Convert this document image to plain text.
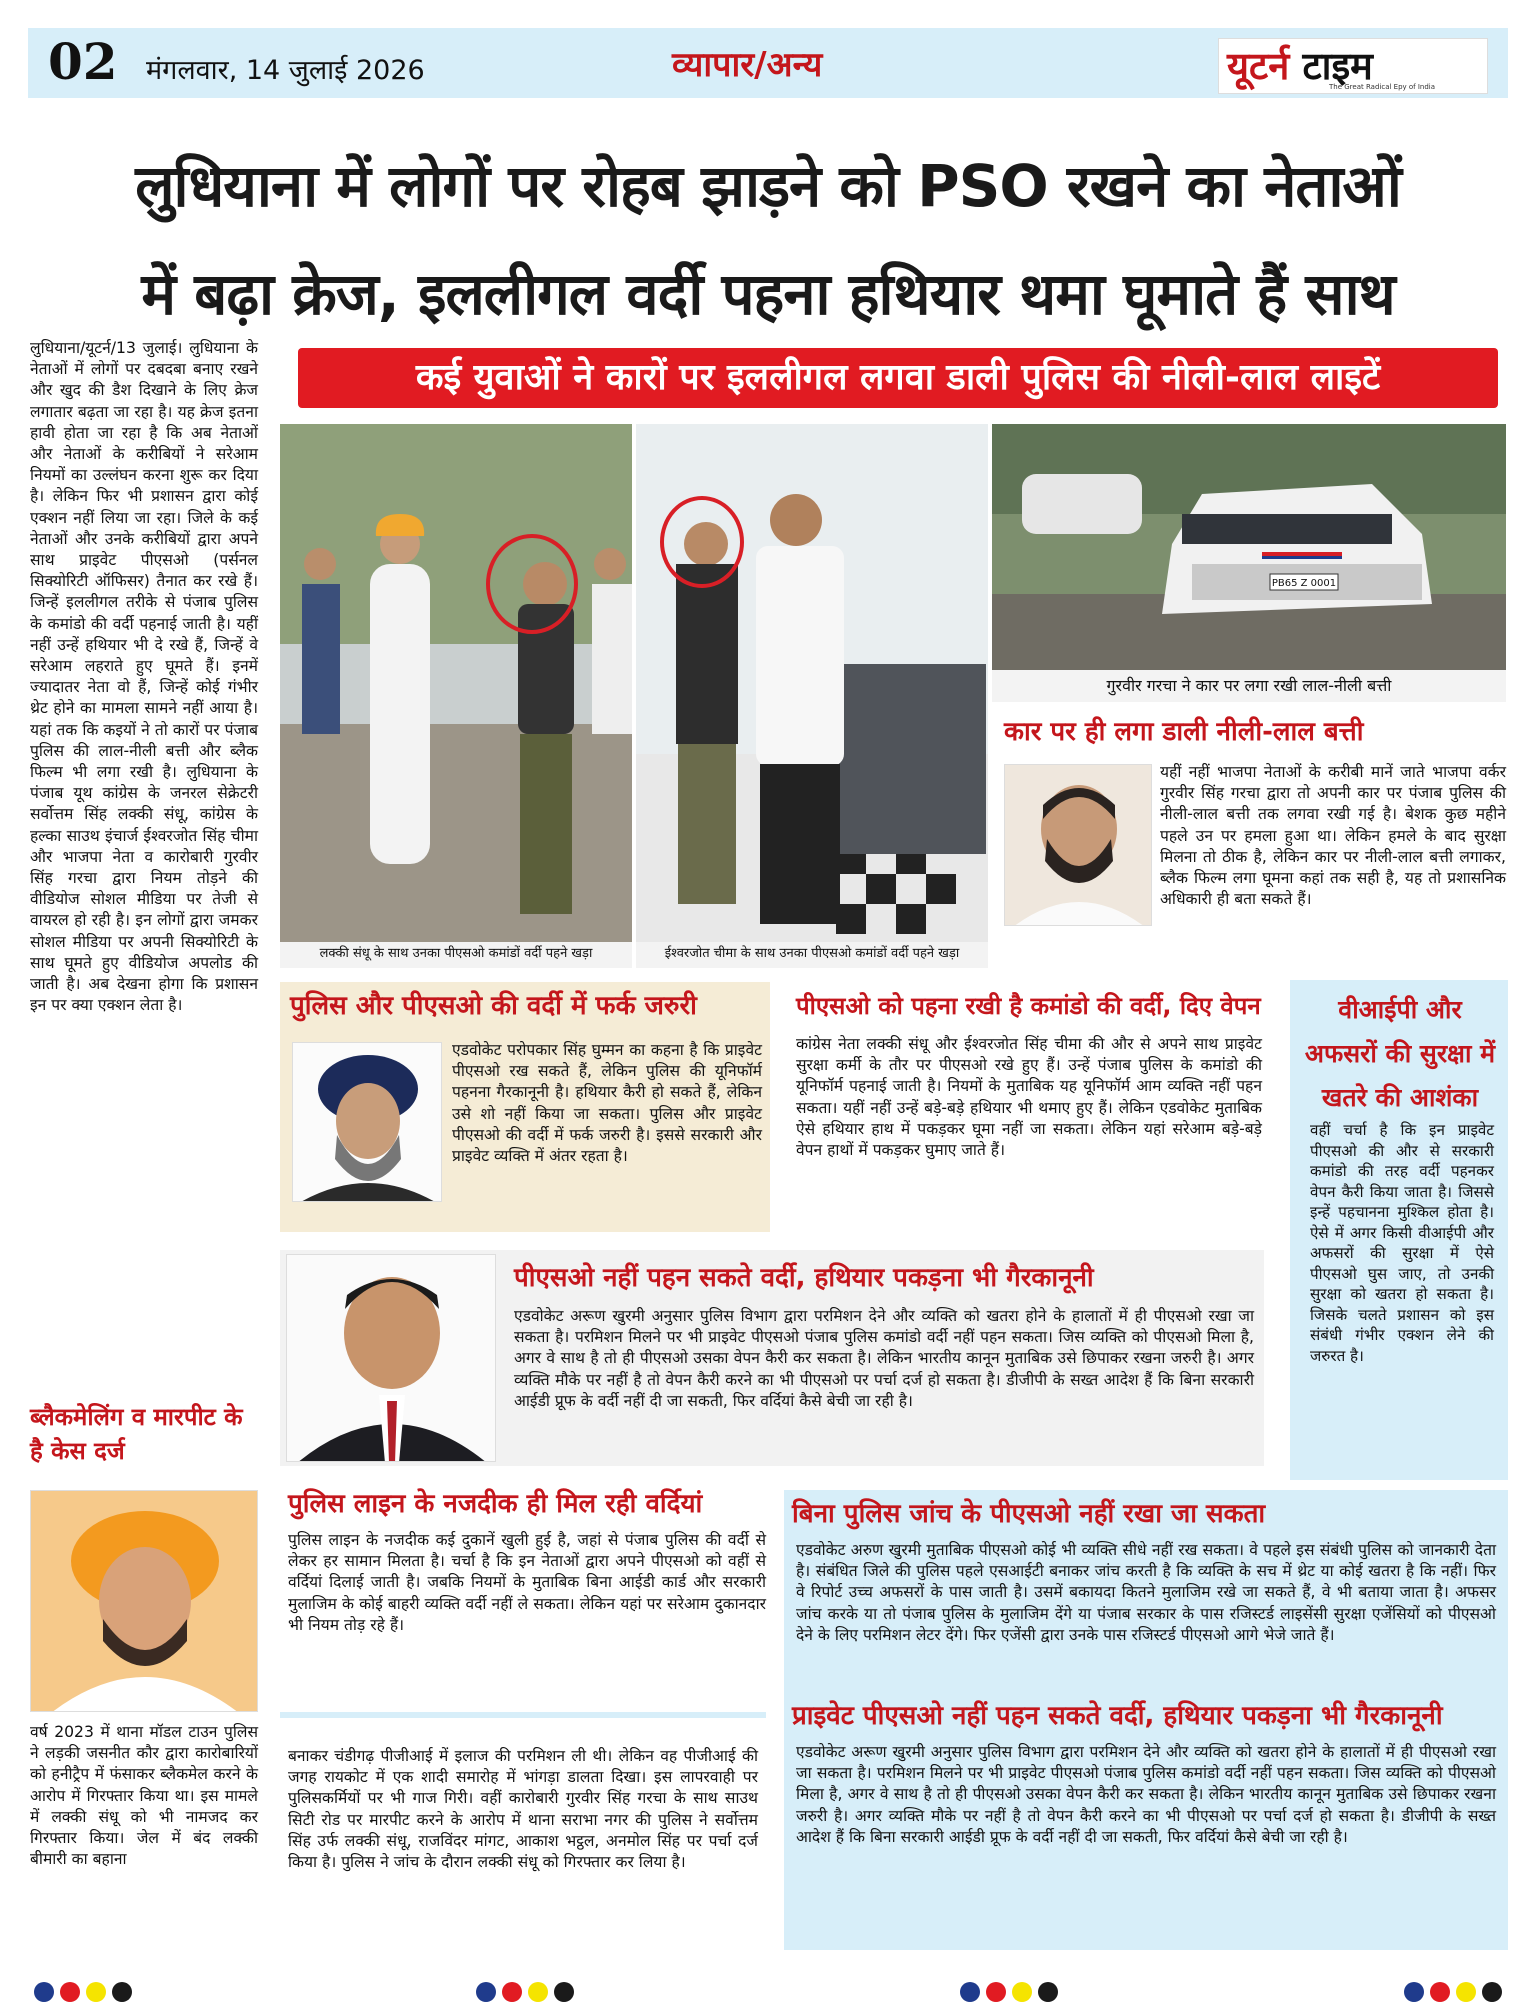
02 मंगलवार, 14 जुलाई 2026	व्यापार/अन्य	यूटर्न टाइम
The Great Radical Epy of India
लुधियाना में लोगों पर रोहब झाड़ने को PSO रखने का नेताओं
में बढ़ा क्रेज, इललीगल वर्दी पहना हथियार थमा घूमाते हैं साथ
कई युवाओं ने कारों पर इललीगल लगवा डाली पुलिस की नीली-लाल लाइटें

लुधियाना/यूटर्न/13 जुलाई। लुधियाना के नेताओं में लोगों पर दबदबा बनाए रखने और खुद की डैश दिखाने के लिए क्रेज लगातार बढ़ता जा रहा है। यह क्रेज इतना हावी होता जा रहा है कि अब नेताओं और नेताओं के करीबियों ने सरेआम नियमों का उल्लंघन करना शुरू कर दिया है। लेकिन फिर भी प्रशासन द्वारा कोई एक्शन नहीं लिया जा रहा। जिले के कई नेताओं और उनके करीबियों द्वारा अपने साथ प्राइवेट पीएसओ (पर्सनल सिक्योरिटी ऑफिसर) तैनात कर रखे हैं। जिन्हें इललीगल तरीके से पंजाब पुलिस के कमांडो की वर्दी पहनाई जाती है। यहीं नहीं उन्हें हथियार भी दे रखे हैं, जिन्हें वे सरेआम लहराते हुए घूमते हैं। इनमें ज्यादातर नेता वो हैं, जिन्हें कोई गंभीर थ्रेट होने का मामला सामने नहीं आया है। यहां तक कि कइयों ने तो कारों पर पंजाब पुलिस की लाल-नीली बत्ती और ब्लैक फिल्म भी लगा रखी है। लुधियाना के पंजाब यूथ कांग्रेस के जनरल सेक्रेटरी सर्वोत्तम सिंह लक्की संधू, कांग्रेस के हल्का साउथ इंचार्ज ईश्वरजोत सिंह चीमा और भाजपा नेता व कारोबारी गुरवीर सिंह गरचा द्वारा नियम तोड़ने की वीडियोज सोशल मीडिया पर तेजी से वायरल हो रही है। इन लोगों द्वारा जमकर सोशल मीडिया पर अपनी सिक्योरिटी के साथ घूमते हुए वीडियोज अपलोड की जाती है। अब देखना होगा कि प्रशासन इन पर क्या एक्शन लेता है।

ब्लैकमेलिंग व मारपीट के है केस दर्ज
वर्ष 2023 में थाना मॉडल टाउन पुलिस ने लड़की जसनीत कौर द्वारा कारोबारियों को हनीट्रैप में फंसाकर ब्लैकमेल करने के आरोप में गिरफ्तार किया था। इस मामले में लक्की संधू को भी नामजद कर गिरफ्तार किया। जेल में बंद लक्की बीमारी का बहाना
लक्की संधू के साथ उनका पीएसओ कमांडों वर्दी पहने खड़ा	ईश्वरजोत चीमा के साथ उनका पीएसओ कमांडों वर्दी पहने खड़ा
PB65 Z 0001
गुरवीर गरचा ने कार पर लगा रखी लाल-नीली बत्ती
कार पर ही लगा डाली नीली-लाल बत्ती
यहीं नहीं भाजपा नेताओं के करीबी मानें जाते भाजपा वर्कर गुरवीर सिंह गरचा द्वारा तो अपनी कार पर पंजाब पुलिस की नीली-लाल बत्ती तक लगवा रखी गई है। बेशक कुछ महीने पहले उन पर हमला हुआ था। लेकिन हमले के बाद सुरक्षा मिलना तो ठीक है, लेकिन कार पर नीली-लाल बत्ती लगाकर, ब्लैक फिल्म लगा घूमना कहां तक सही है, यह तो प्रशासनिक अधिकारी ही बता सकते हैं।
पुलिस और पीएसओ की वर्दी में फर्क जरुरी
एडवोकेट परोपकार सिंह घुम्मन का कहना है कि प्राइवेट पीएसओ रख सकते हैं, लेकिन पुलिस की यूनिफॉर्म पहनना गैरकानूनी है। हथियार कैरी हो सकते हैं, लेकिन उसे शो नहीं किया जा सकता। पुलिस और प्राइवेट पीएसओ की वर्दी में फर्क जरुरी है। इससे सरकारी और प्राइवेट व्यक्ति में अंतर रहता है।
पीएसओ को पहना रखी है कमांडो की वर्दी, दिए वेपन
कांग्रेस नेता लक्की संधू और ईश्वरजोत सिंह चीमा की और से अपने साथ प्राइवेट सुरक्षा कर्मी के तौर पर पीएसओ रखे हुए हैं। उन्हें पंजाब पुलिस के कमांडो की यूनिफॉर्म पहनाई जाती है। नियमों के मुताबिक यह यूनिफॉर्म आम व्यक्ति नहीं पहन सकता। यहीं नहीं उन्हें बड़े-बड़े हथियार भी थमाए हुए हैं। लेकिन एडवोकेट मुताबिक ऐसे हथियार हाथ में पकड़कर घूमा नहीं जा सकता। लेकिन यहां सरेआम बड़े-बड़े वेपन हाथों में पकड़कर घुमाए जाते हैं।
वीआईपी और अफसरों की सुरक्षा में खतरे की आशंका
वहीं चर्चा है कि इन प्राइवेट पीएसओ की और से सरकारी कमांडो की तरह वर्दी पहनकर वेपन कैरी किया जाता है। जिससे इन्हें पहचानना मुश्किल होता है। ऐसे में अगर किसी वीआईपी और अफसरों की सुरक्षा में ऐसे पीएसओ घुस जाए, तो उनकी सुरक्षा को खतरा हो सकता है। जिसके चलते प्रशासन को इस संबंधी गंभीर एक्शन लेने की जरुरत है।
पीएसओ नहीं पहन सकते वर्दी, हथियार पकड़ना भी गैरकानूनी
एडवोकेट अरूण खुरमी अनुसार पुलिस विभाग द्वारा परमिशन देने और व्यक्ति को खतरा होने के हालातों में ही पीएसओ रखा जा सकता है। परमिशन मिलने पर भी प्राइवेट पीएसओ पंजाब पुलिस कमांडो वर्दी नहीं पहन सकता। जिस व्यक्ति को पीएसओ मिला है, अगर वे साथ है तो ही पीएसओ उसका वेपन कैरी कर सकता है। लेकिन भारतीय कानून मुताबिक उसे छिपाकर रखना जरुरी है। अगर व्यक्ति मौके पर नहीं है तो वेपन कैरी करने का भी पीएसओ पर पर्चा दर्ज हो सकता है। डीजीपी के सख्त आदेश हैं कि बिना सरकारी आईडी प्रूफ के वर्दी नहीं दी जा सकती, फिर वर्दियां कैसे बेची जा रही है।
पुलिस लाइन के नजदीक ही मिल रही वर्दियां
पुलिस लाइन के नजदीक कई दुकानें खुली हुई है, जहां से पंजाब पुलिस की वर्दी से लेकर हर सामान मिलता है। चर्चा है कि इन नेताओं द्वारा अपने पीएसओ को वहीं से वर्दियां दिलाई जाती है। जबकि नियमों के मुताबिक बिना आईडी कार्ड और सरकारी मुलाजिम के कोई बाहरी व्यक्ति वर्दी नहीं ले सकता। लेकिन यहां पर सरेआम दुकानदार भी नियम तोड़ रहे हैं।
बनाकर चंडीगढ़ पीजीआई में इलाज की परमिशन ली थी। लेकिन वह पीजीआई की जगह रायकोट में एक शादी समारोह में भांगड़ा डालता दिखा। इस लापरवाही पर पुलिसकर्मियों पर भी गाज गिरी। वहीं कारोबारी गुरवीर सिंह गरचा के साथ साउथ सिटी रोड पर मारपीट करने के आरोप में थाना सराभा नगर की पुलिस ने सर्वोत्तम सिंह उर्फ लक्की संधू, राजविंदर मांगट, आकाश भट्ठल, अनमोल सिंह पर पर्चा दर्ज किया है। पुलिस ने जांच के दौरान लक्की संधू को गिरफ्तार कर लिया है।
बिना पुलिस जांच के पीएसओ नहीं रखा जा सकता
एडवोकेट अरुण खुरमी मुताबिक पीएसओ कोई भी व्यक्ति सीधे नहीं रख सकता। वे पहले इस संबंधी पुलिस को जानकारी देता है। संबंधित जिले की पुलिस पहले एसआईटी बनाकर जांच करती है कि व्यक्ति के सच में थ्रेट या कोई खतरा है कि नहीं। फिर वे रिपोर्ट उच्च अफसरों के पास जाती है। उसमें बकायदा कितने मुलाजिम रखे जा सकते हैं, वे भी बताया जाता है। अफसर जांच करके या तो पंजाब पुलिस के मुलाजिम देंगे या पंजाब सरकार के पास रजिस्टर्ड लाइसेंसी सुरक्षा एजेंसियों को पीएसओ देने के लिए परमिशन लेटर देंगे। फिर एजेंसी द्वारा उनके पास रजिस्टर्ड पीएसओ आगे भेजे जाते हैं।
प्राइवेट पीएसओ नहीं पहन सकते वर्दी, हथियार पकड़ना भी गैरकानूनी
एडवोकेट अरूण खुरमी अनुसार पुलिस विभाग द्वारा परमिशन देने और व्यक्ति को खतरा होने के हालातों में ही पीएसओ रखा जा सकता है। परमिशन मिलने पर भी प्राइवेट पीएसओ पंजाब पुलिस कमांडो वर्दी नहीं पहन सकता। जिस व्यक्ति को पीएसओ मिला है, अगर वे साथ है तो ही पीएसओ उसका वेपन कैरी कर सकता है। लेकिन भारतीय कानून मुताबिक उसे छिपाकर रखना जरुरी है। अगर व्यक्ति मौके पर नहीं है तो वेपन कैरी करने का भी पीएसओ पर पर्चा दर्ज हो सकता है। डीजीपी के सख्त आदेश हैं कि बिना सरकारी आईडी प्रूफ के वर्दी नहीं दी जा सकती, फिर वर्दियां कैसे बेची जा रही है।
